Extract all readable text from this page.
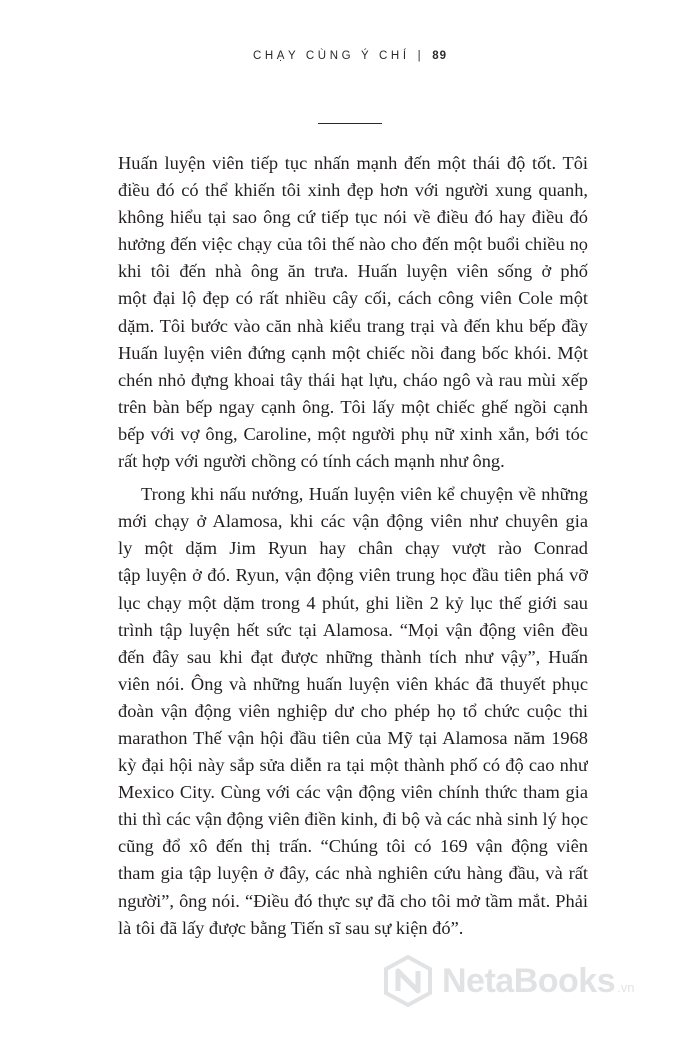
CHẠY CÙNG Ý CHÍ | 89
Huấn luyện viên tiếp tục nhấn mạnh đến một thái độ tốt. Tôi
điều đó có thể khiến tôi xinh đẹp hơn với người xung quanh,
không hiểu tại sao ông cứ tiếp tục nói về điều đó hay điều đó
hưởng đến việc chạy của tôi thế nào cho đến một buổi chiều nọ
khi tôi đến nhà ông ăn trưa. Huấn luyện viên sống ở phố
một đại lộ đẹp có rất nhiều cây cối, cách công viên Cole một
dặm. Tôi bước vào căn nhà kiểu trang trại và đến khu bếp đầy
Huấn luyện viên đứng cạnh một chiếc nồi đang bốc khói. Một
chén nhỏ đựng khoai tây thái hạt lựu, cháo ngô và rau mùi xếp
trên bàn bếp ngay cạnh ông. Tôi lấy một chiếc ghế ngồi cạnh
bếp với vợ ông, Caroline, một người phụ nữ xinh xắn, bới tóc
rất hợp với người chồng có tính cách mạnh như ông.
Trong khi nấu nướng, Huấn luyện viên kể chuyện về những
mới chạy ở Alamosa, khi các vận động viên như chuyên gia
ly một dặm Jim Ryun hay chân chạy vượt rào Conrad
tập luyện ở đó. Ryun, vận động viên trung học đầu tiên phá vỡ
lục chạy một dặm trong 4 phút, ghi liền 2 kỷ lục thế giới sau
trình tập luyện hết sức tại Alamosa. “Mọi vận động viên đều
đến đây sau khi đạt được những thành tích như vậy”, Huấn
viên nói. Ông và những huấn luyện viên khác đã thuyết phục
đoàn vận động viên nghiệp dư cho phép họ tổ chức cuộc thi
marathon Thế vận hội đầu tiên của Mỹ tại Alamosa năm 1968
kỳ đại hội này sắp sửa diễn ra tại một thành phố có độ cao như
Mexico City. Cùng với các vận động viên chính thức tham gia
thi thì các vận động viên điền kinh, đi bộ và các nhà sinh lý học
cũng đổ xô đến thị trấn. “Chúng tôi có 169 vận động viên
tham gia tập luyện ở đây, các nhà nghiên cứu hàng đầu, và rất
người”, ông nói. “Điều đó thực sự đã cho tôi mở tầm mắt. Phải
là tôi đã lấy được bằng Tiến sĩ sau sự kiện đó”.
NetaBooks .vn
